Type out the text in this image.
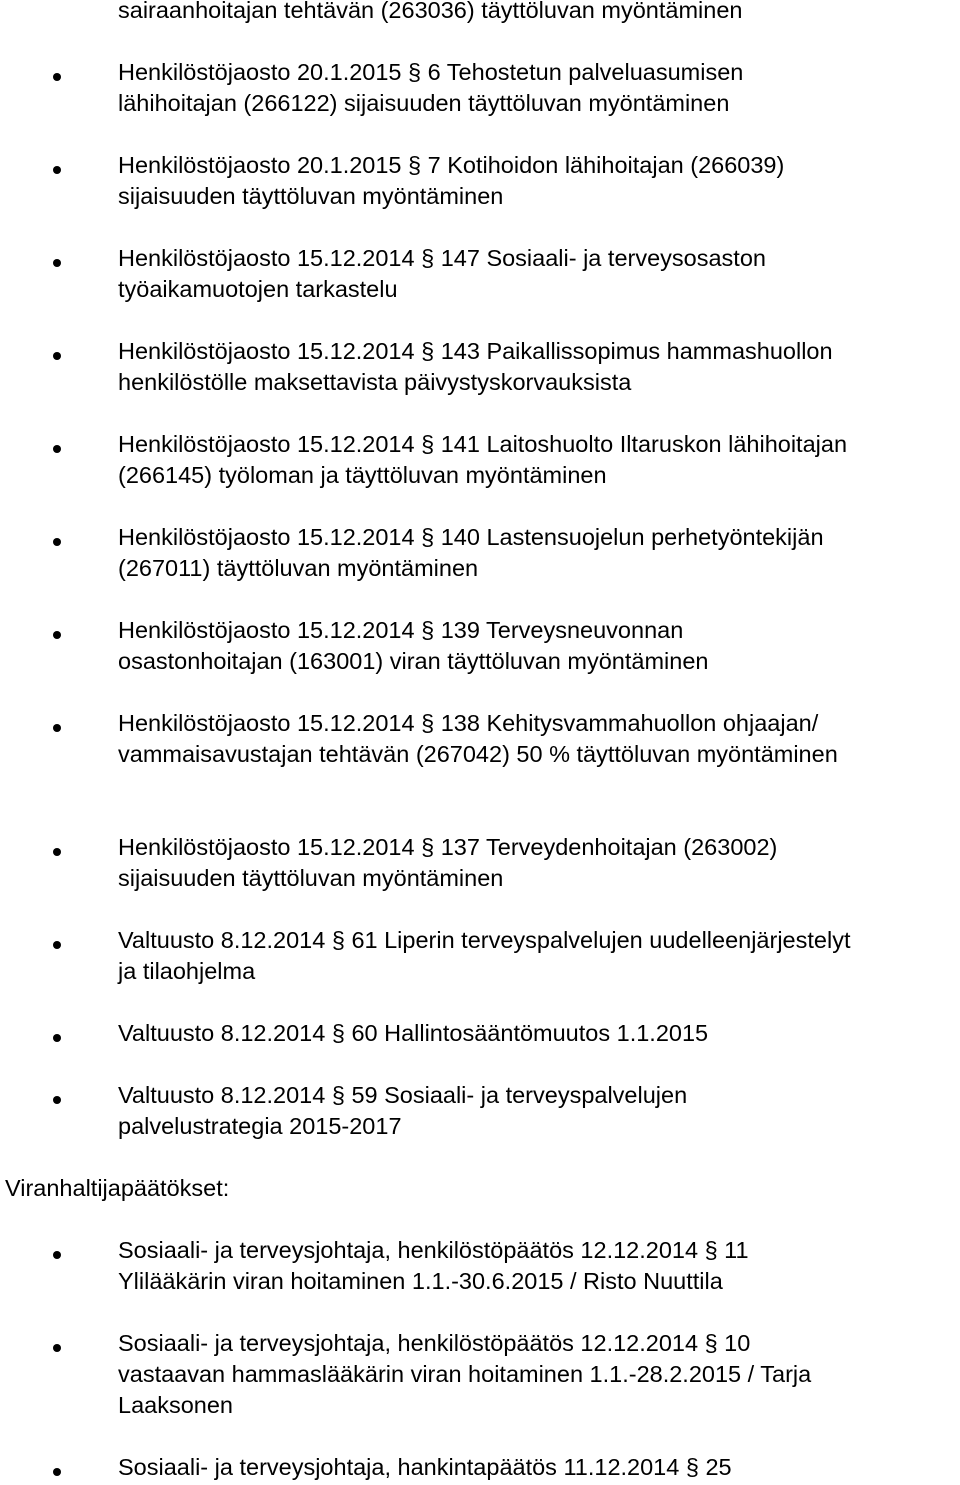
sairaanhoitajan tehtävän (263036) täyttöluvan myöntäminen
Henkilöstöjaosto 20.1.2015 § 6 Tehostetun palveluasumisen
lähihoitajan (266122) sijaisuuden täyttöluvan myöntäminen
Henkilöstöjaosto 20.1.2015 § 7 Kotihoidon lähihoitajan (266039)
sijaisuuden täyttöluvan myöntäminen
Henkilöstöjaosto 15.12.2014 § 147 Sosiaali- ja terveysosaston
työaikamuotojen tarkastelu
Henkilöstöjaosto 15.12.2014 § 143 Paikallissopimus hammashuollon
henkilöstölle maksettavista päivystyskorvauksista
Henkilöstöjaosto 15.12.2014 § 141 Laitoshuolto Iltaruskon lähihoitajan
(266145) työloman ja täyttöluvan myöntäminen
Henkilöstöjaosto 15.12.2014 § 140 Lastensuojelun perhetyöntekijän
(267011) täyttöluvan myöntäminen
Henkilöstöjaosto 15.12.2014 § 139 Terveysneuvonnan
osastonhoitajan (163001) viran täyttöluvan myöntäminen
Henkilöstöjaosto 15.12.2014 § 138 Kehitysvammahuollon ohjaajan/
vammaisavustajan tehtävän (267042) 50 % täyttöluvan myöntäminen
Henkilöstöjaosto 15.12.2014 § 137 Terveydenhoitajan (263002)
sijaisuuden täyttöluvan myöntäminen
Valtuusto 8.12.2014 § 61 Liperin terveyspalvelujen uudelleenjärjestelyt
ja tilaohjelma
Valtuusto 8.12.2014 § 60 Hallintosääntömuutos 1.1.2015
Valtuusto 8.12.2014 § 59 Sosiaali- ja terveyspalvelujen
palvelustrategia 2015-2017
Viranhaltijapäätökset:
Sosiaali- ja terveysjohtaja, henkilöstöpäätös 12.12.2014 § 11
Ylilääkärin viran hoitaminen 1.1.-30.6.2015 / Risto Nuuttila
Sosiaali- ja terveysjohtaja, henkilöstöpäätös 12.12.2014 § 10
vastaavan hammaslääkärin viran hoitaminen 1.1.-28.2.2015 / Tarja
Laaksonen
Sosiaali- ja terveysjohtaja, hankintapäätös 11.12.2014 § 25
